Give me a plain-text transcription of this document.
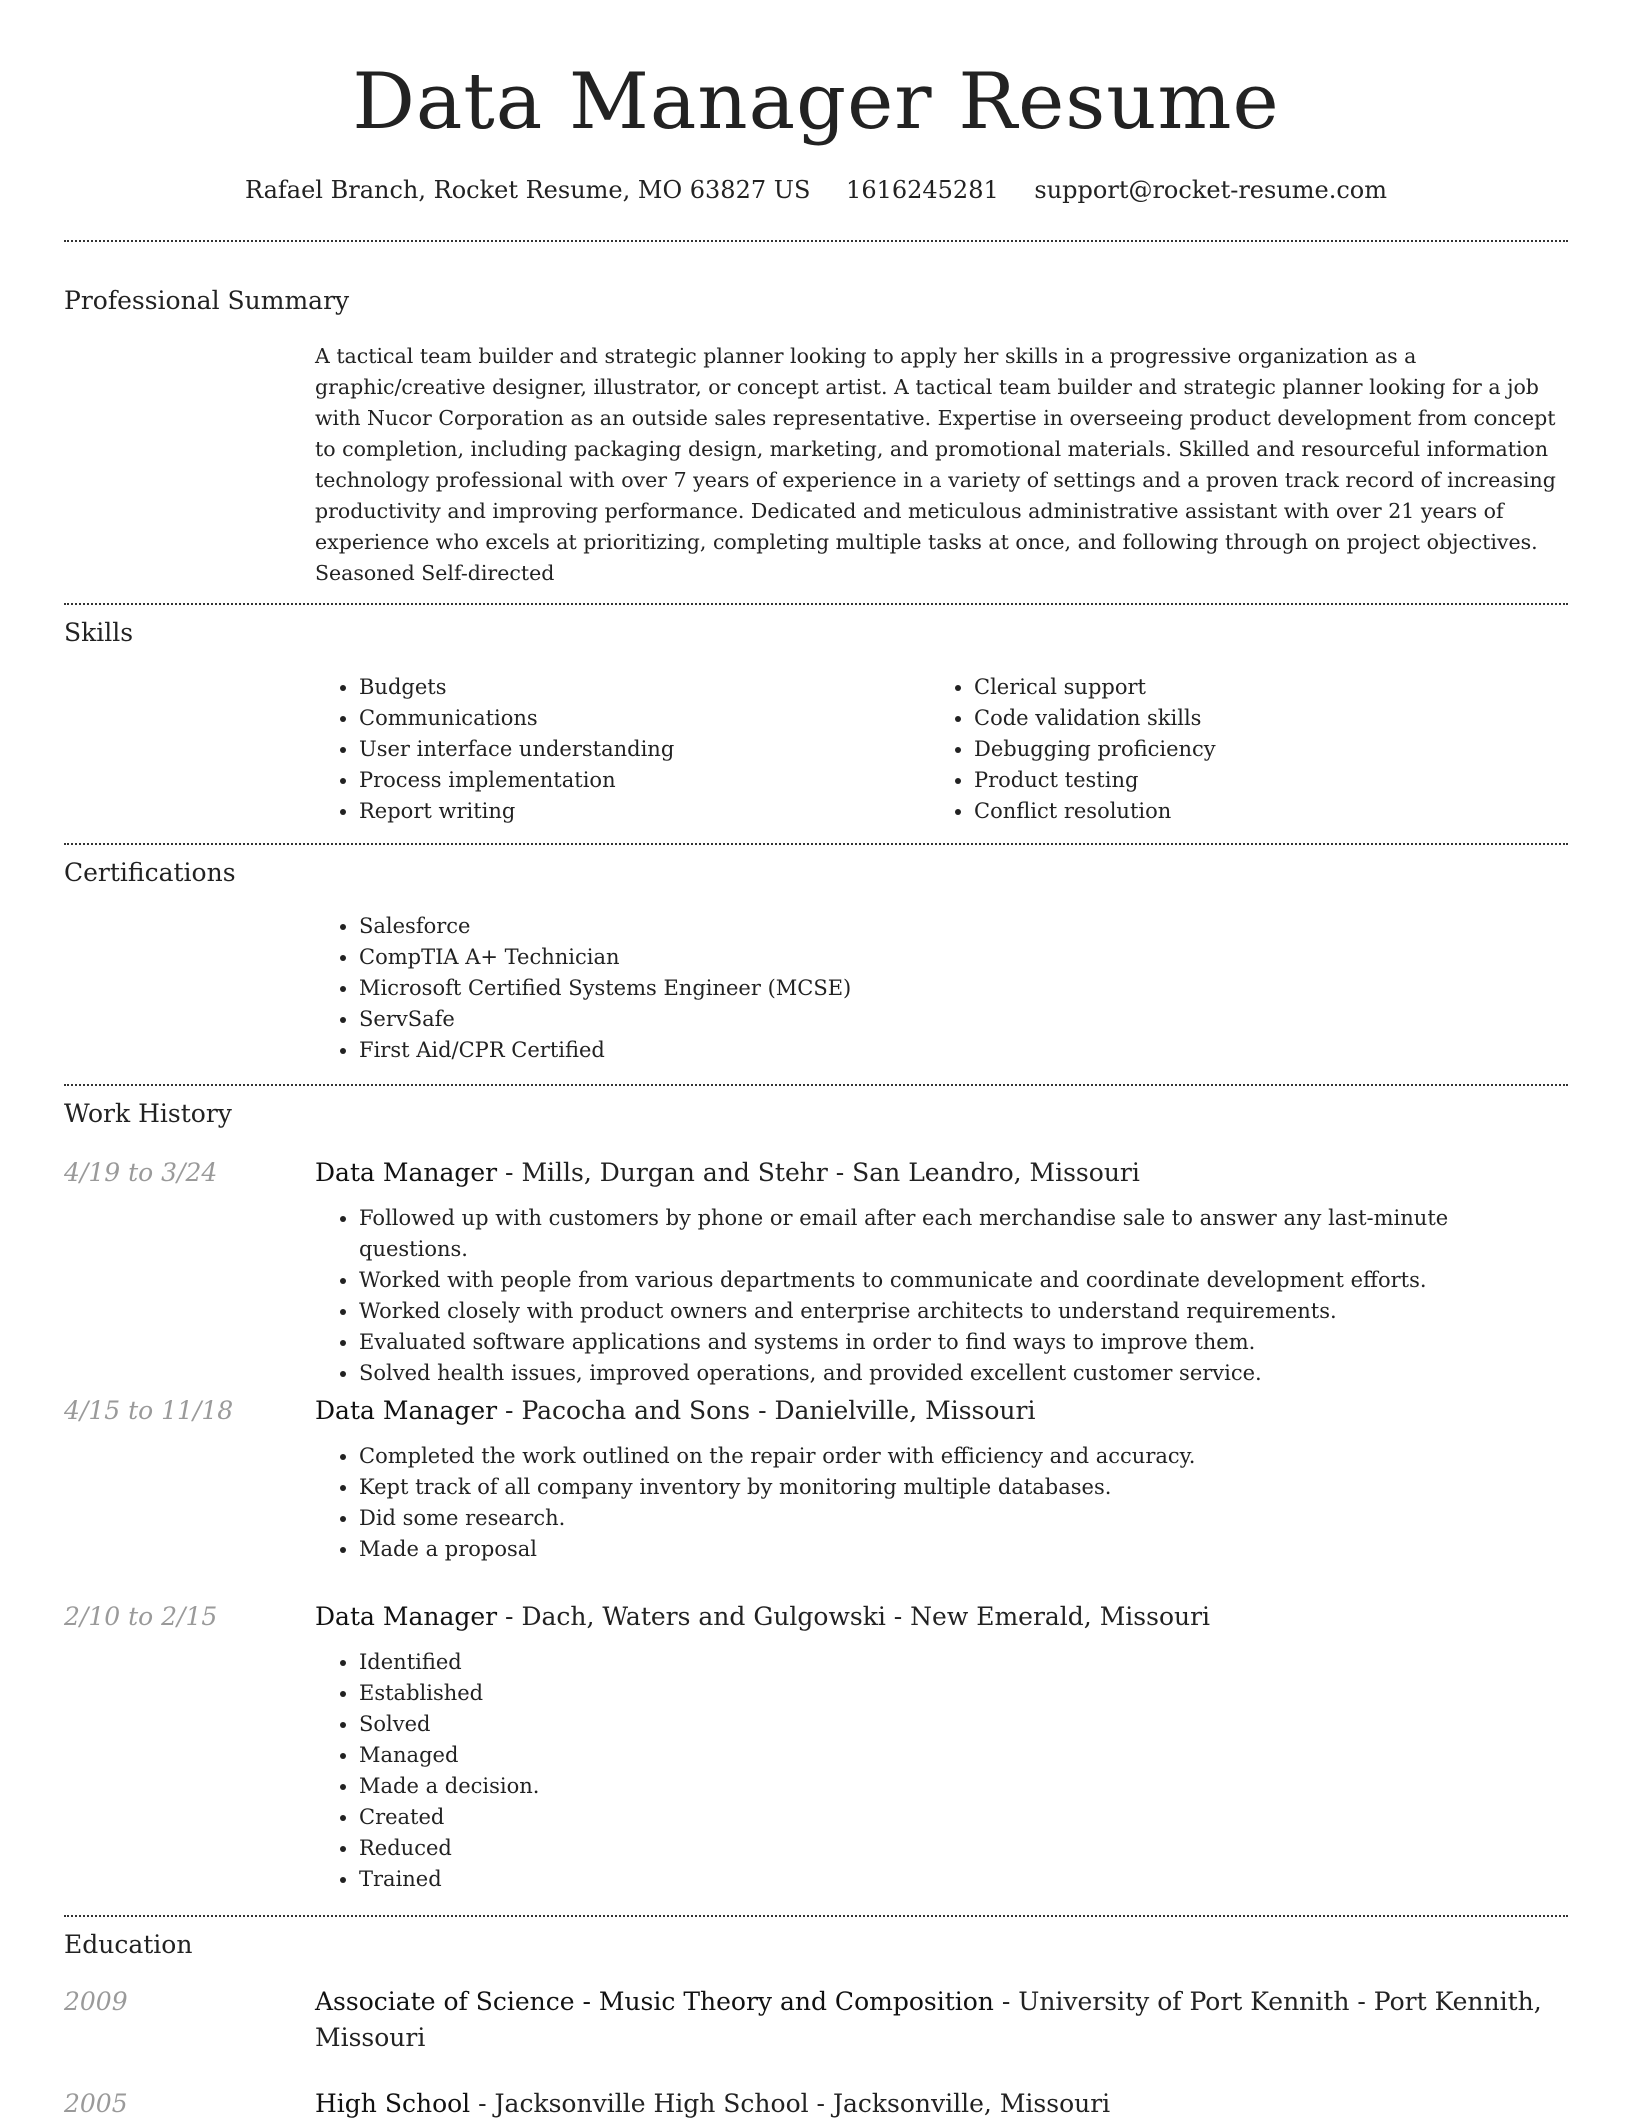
Data Manager Resume
Rafael Branch, Rocket Resume, MO 63827 US 1616245281 support@rocket-resume.com
Professional Summary

A tactical team builder and strategic planner looking to apply her skills in a progressive organization as a graphic/creative designer, illustrator, or concept artist. A tactical team builder and strategic planner looking for a job with Nucor Corporation as an outside sales representative. Expertise in overseeing product development from concept to completion, including packaging design, marketing, and promotional materials. Skilled and resourceful information technology professional with over 7 years of experience in a variety of settings and a proven track record of increasing productivity and improving performance. Dedicated and meticulous administrative assistant with over 21 years of experience who excels at prioritizing, completing multiple tasks at once, and following through on project objectives. Seasoned Self-directed

Skills
• Budgets
• Communications
• User interface understanding
• Process implementation
• Report writing
• Clerical support
• Code validation skills
• Debugging proficiency
• Product testing
• Conflict resolution
Certifications
• Salesforce
• CompTIA A+ Technician
• Microsoft Certified Systems Engineer (MCSE)
• ServSafe
• First Aid/CPR Certified
Work History
4/19 to 3/24	Data Manager - Mills, Durgan and Stehr - San Leandro, Missouri
• Followed up with customers by phone or email after each merchandise sale to answer any last-minute questions.
• Worked with people from various departments to communicate and coordinate development efforts.
• Worked closely with product owners and enterprise architects to understand requirements.
• Evaluated software applications and systems in order to find ways to improve them.
• Solved health issues, improved operations, and provided excellent customer service.
4/15 to 11/18	Data Manager - Pacocha and Sons - Danielville, Missouri
• Completed the work outlined on the repair order with efficiency and accuracy.
• Kept track of all company inventory by monitoring multiple databases.
• Did some research.
• Made a proposal
2/10 to 2/15	Data Manager - Dach, Waters and Gulgowski - New Emerald, Missouri
• Identified
• Established
• Solved
• Managed
• Made a decision.
• Created
• Reduced
• Trained
Education
2009	Associate of Science - Music Theory and Composition - University of Port Kennith - Port Kennith, Missouri
2005	High School - Jacksonville High School - Jacksonville, Missouri
